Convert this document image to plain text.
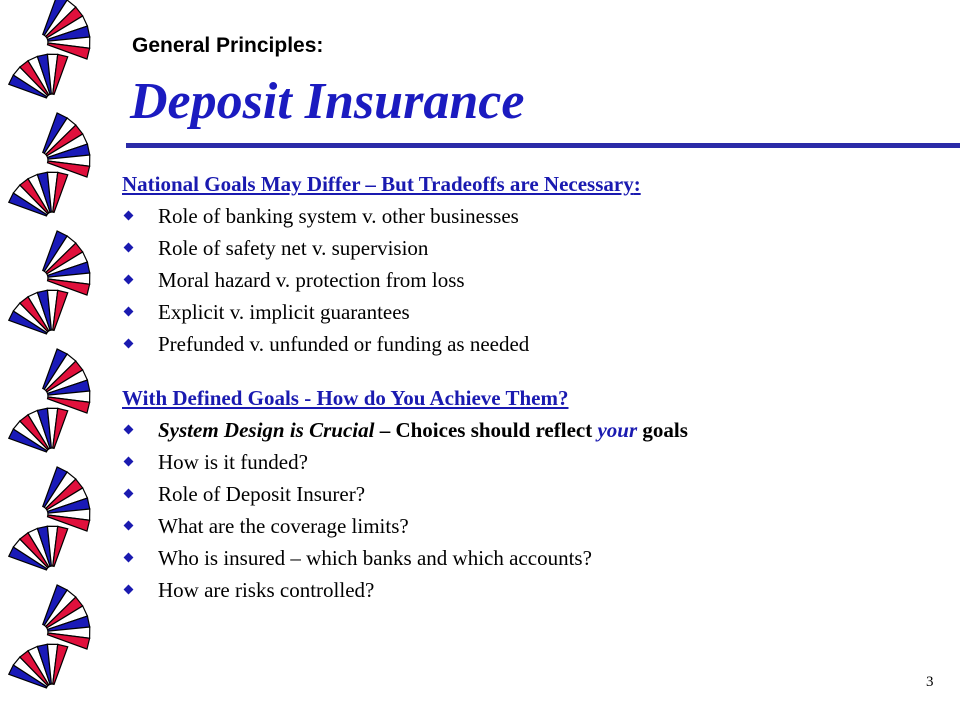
General Principles:
Deposit Insurance
National Goals May Differ – But Tradeoffs are Necessary:
Role of banking system v. other businesses
Role of safety net v. supervision
Moral hazard v. protection from loss
Explicit v. implicit guarantees
Prefunded v. unfunded or funding as needed
With Defined Goals - How do You Achieve Them?
System Design is Crucial – Choices should reflect your goals
How is it funded?
Role of Deposit Insurer?
What are the coverage limits?
Who is insured – which banks and which accounts?
How are risks controlled?
3
